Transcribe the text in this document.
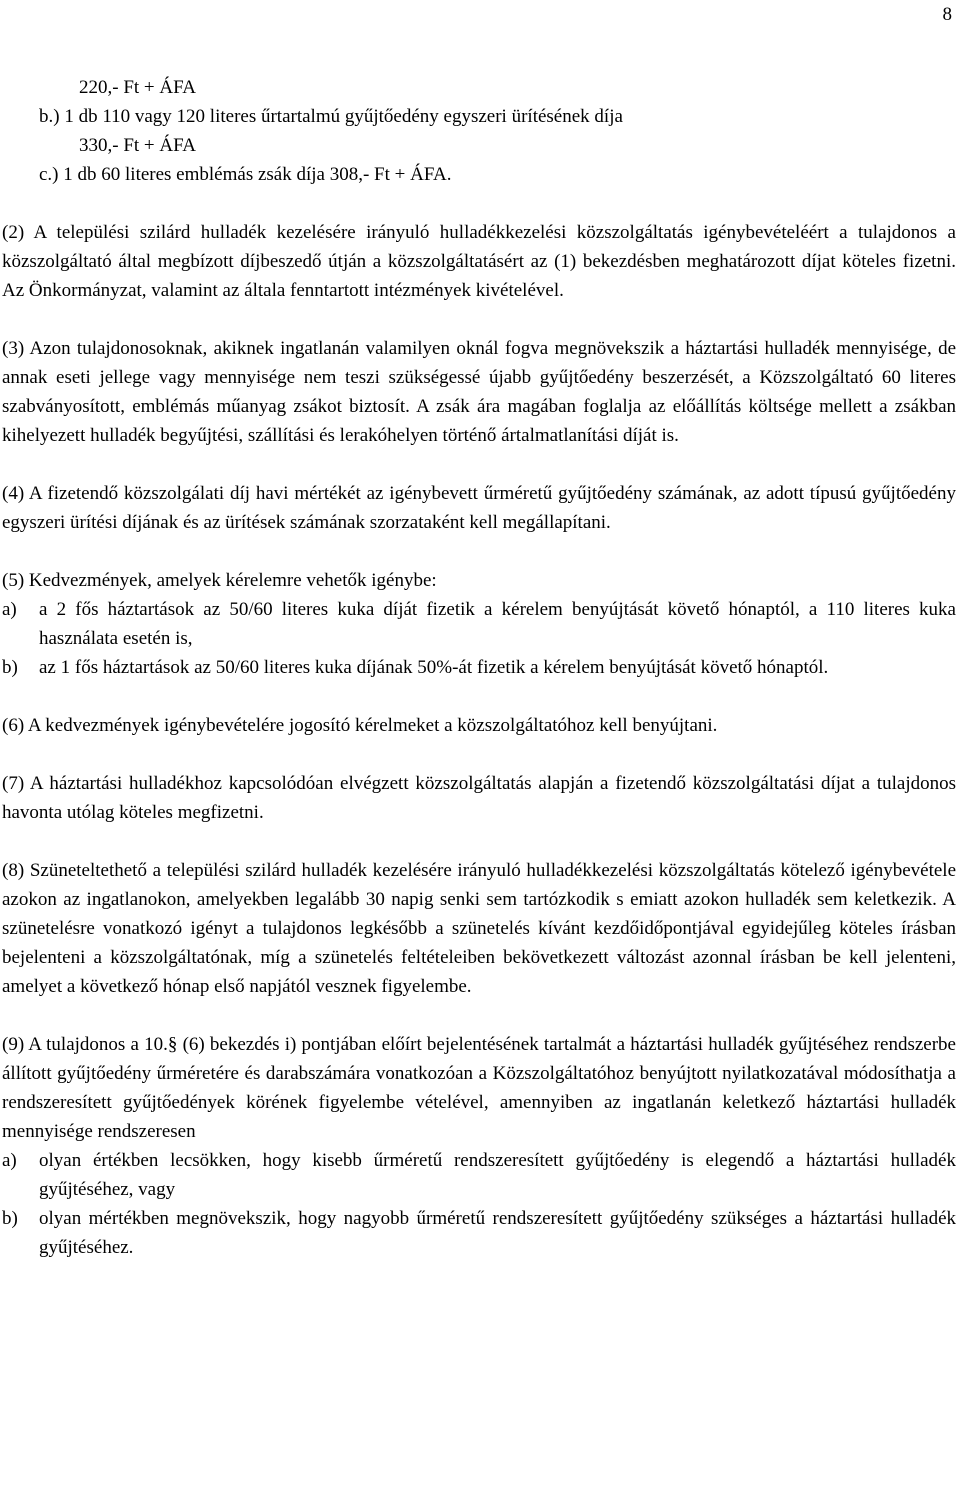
8
220,- Ft + ÁFA
b.) 1 db 110 vagy 120 literes űrtartalmú gyűjtőedény egyszeri ürítésének díja
330,- Ft + ÁFA
c.) 1 db 60 literes emblémás zsák díja 308,- Ft + ÁFA.

(2) A települési szilárd hulladék kezelésére irányuló hulladékkezelési közszolgáltatás igénybevételéért a tulajdonos a közszolgáltató által megbízott díjbeszedő útján a közszolgáltatásért az (1) bekezdésben meghatározott díjat köteles fizetni. Az Önkormányzat, valamint az általa fenntartott intézmények kivételével.

(3) Azon tulajdonosoknak, akiknek ingatlanán valamilyen oknál fogva megnövekszik a háztartási hulladék mennyisége, de annak eseti jellege vagy mennyisége nem teszi szükségessé újabb gyűjtőedény beszerzését, a Közszolgáltató 60 literes szabványosított, emblémás műanyag zsákot biztosít. A zsák ára magában foglalja az előállítás költsége mellett a zsákban kihelyezett hulladék begyűjtési, szállítási és lerakóhelyen történő ártalmatlanítási díját is.

(4) A fizetendő közszolgálati díj havi mértékét az igénybevett űrméretű gyűjtőedény számának, az adott típusú gyűjtőedény egyszeri ürítési díjának és az ürítések számának szorzataként kell megállapítani.

(5) Kedvezmények, amelyek kérelemre vehetők igénybe:
a)	a 2 fős háztartások az 50/60 literes kuka díját fizetik a kérelem benyújtását követő hónaptól, a 110 literes kuka használata esetén is,
b)	az 1 fős háztartások az 50/60 literes kuka díjának 50%-át fizetik a kérelem benyújtását követő hónaptól.

(6) A kedvezmények igénybevételére jogosító kérelmeket a közszolgáltatóhoz kell benyújtani.

(7) A háztartási hulladékhoz kapcsolódóan elvégzett közszolgáltatás alapján a fizetendő közszolgáltatási díjat a tulajdonos havonta utólag köteles megfizetni.

(8) Szüneteltethető a települési szilárd hulladék kezelésére irányuló hulladékkezelési közszolgáltatás kötelező igénybevétele azokon az ingatlanokon, amelyekben legalább 30 napig senki sem tartózkodik s emiatt azokon hulladék sem keletkezik. A szünetelésre vonatkozó igényt a tulajdonos legkésőbb a szünetelés kívánt kezdőidőpontjával egyidejűleg köteles írásban bejelenteni a közszolgáltatónak, míg a szünetelés feltételeiben bekövetkezett változást azonnal írásban be kell jelenteni, amelyet a következő hónap első napjától vesznek figyelembe.

(9) A tulajdonos a 10.§ (6) bekezdés i) pontjában előírt bejelentésének tartalmát a háztartási hulladék gyűjtéséhez rendszerbe állított gyűjtőedény űrméretére és darabszámára vonatkozóan a Közszolgáltatóhoz benyújtott nyilatkozatával módosíthatja a rendszeresített gyűjtőedények körének figyelembe vételével, amennyiben az ingatlanán keletkező háztartási hulladék mennyisége rendszeresen
a)	olyan értékben lecsökken, hogy kisebb űrméretű rendszeresített gyűjtőedény is elegendő a háztartási hulladék gyűjtéséhez, vagy
b)	olyan mértékben megnövekszik, hogy nagyobb űrméretű rendszeresített gyűjtőedény szükséges a háztartási hulladék gyűjtéséhez.
